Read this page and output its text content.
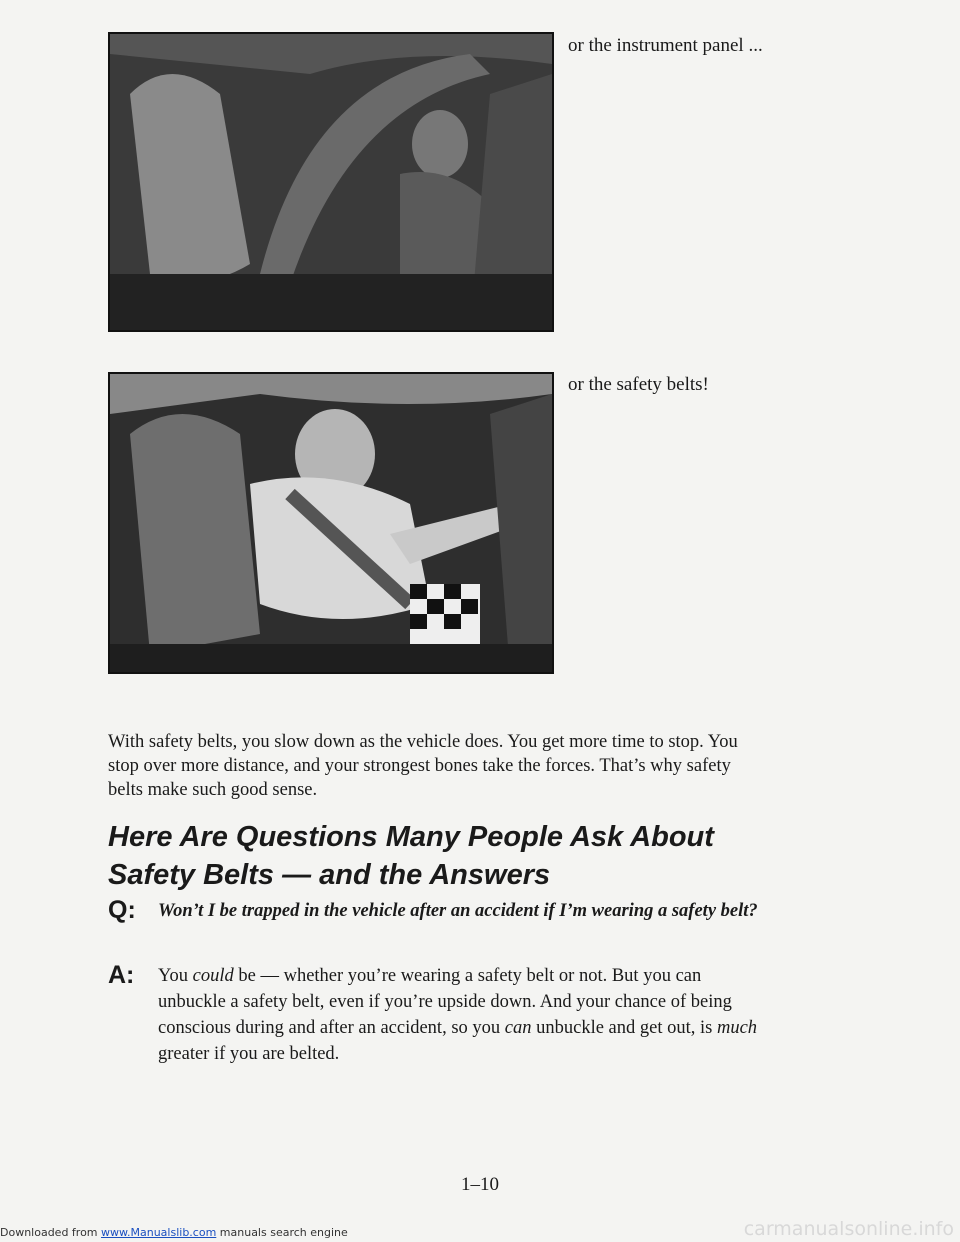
or the instrument panel ...
or the safety belts!

With safety belts, you slow down as the vehicle does. You get more time to stop. You stop over more distance, and your strongest bones take the forces. That’s why safety belts make such good sense.

Here Are Questions Many People Ask About Safety Belts — and the Answers
Q: Won’t I be trapped in the vehicle after an accident if I’m wearing a safety belt?
A: You could be — whether you’re wearing a safety belt or not. But you can unbuckle a safety belt, even if you’re upside down. And your chance of being conscious during and after an accident, so you can unbuckle and get out, is much greater if you are belted.
1–10
Downloaded from www.Manualslib.com manuals search engine	carmanualsonline.info
